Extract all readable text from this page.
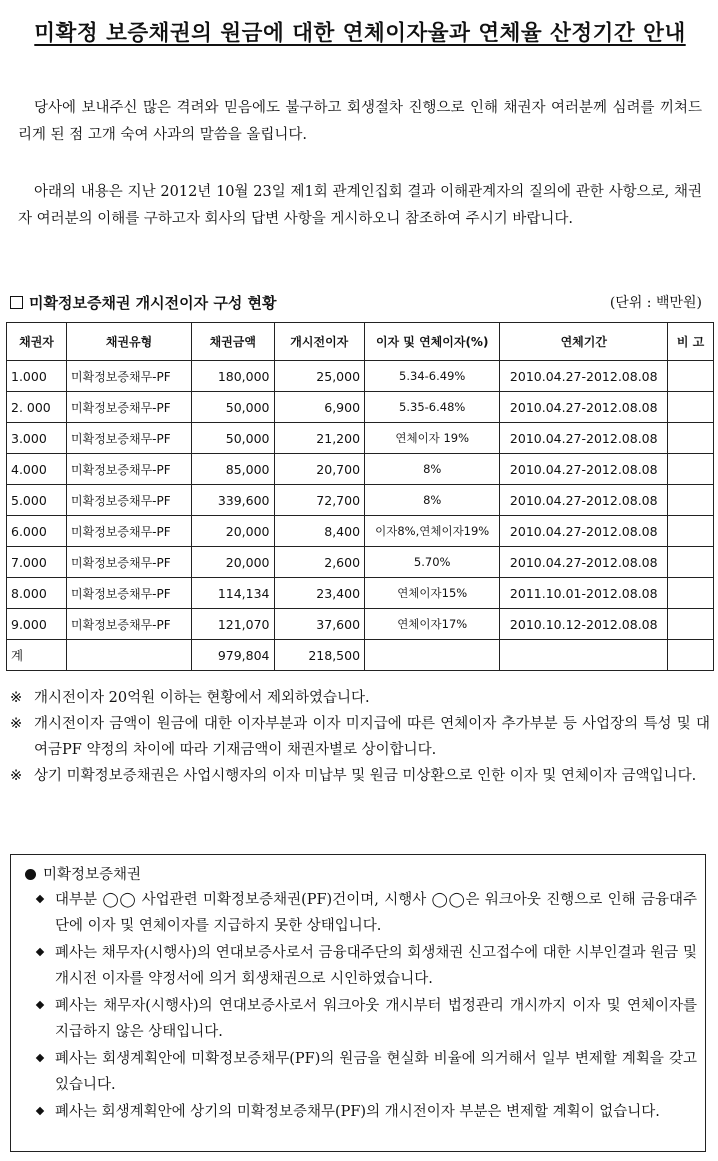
미확정 보증채권의 원금에 대한 연체이자율과 연체율 산정기간 안내

당사에 보내주신 많은 격려와 믿음에도 불구하고 회생절차 진행으로 인해 채권자 여러분께 심려를 끼쳐드리게 된 점 고개 숙여 사과의 말씀을 올립니다.

아래의 내용은 지난 2012년 10월 23일 제1회 관계인집회 결과 이해관계자의 질의에 관한 사항으로, 채권자 여러분의 이해를 구하고자 회사의 답변 사항을 게시하오니 참조하여 주시기 바랍니다.

미확정보증채권 개시전이자 구성 현황	(단위 : 백만원)
채권자	채권유형	채권금액	개시전이자	이자 및 연체이자(%)	연체기간	비 고
1.000	미확정보증채무-PF	180,000	25,000	5.34-6.49%	2010.04.27-2012.08.08	
2. 000	미확정보증채무-PF	50,000	6,900	5.35-6.48%	2010.04.27-2012.08.08	
3.000	미확정보증채무-PF	50,000	21,200	연체이자 19%	2010.04.27-2012.08.08	
4.000	미확정보증채무-PF	85,000	20,700	8%	2010.04.27-2012.08.08	
5.000	미확정보증채무-PF	339,600	72,700	8%	2010.04.27-2012.08.08	
6.000	미확정보증채무-PF	20,000	8,400	이자8%,연체이자19%	2010.04.27-2012.08.08	
7.000	미확정보증채무-PF	20,000	2,600	5.70%	2010.04.27-2012.08.08	
8.000	미확정보증채무-PF	114,134	23,400	연체이자15%	2011.10.01-2012.08.08	
9.000	미확정보증채무-PF	121,070	37,600	연체이자17%	2010.10.12-2012.08.08	
계		979,804	218,500			
※ 개시전이자 20억원 이하는 현황에서 제외하였습니다.
※ 개시전이자 금액이 원금에 대한 이자부분과 이자 미지급에 따른 연체이자 추가부분 등 사업장의 특성 및 대여금PF 약정의 차이에 따라 기재금액이 채권자별로 상이합니다.
※ 상기 미확정보증채권은 사업시행자의 이자 미납부 및 원금 미상환으로 인한 이자 및 연체이자 금액입니다.
미확정보증채권
대부분 ◯◯ 사업관련 미확정보증채권(PF)건이며, 시행사 ◯◯은 워크아웃 진행으로 인해 금융대주단에 이자 및 연체이자를 지급하지 못한 상태입니다.
폐사는 채무자(시행사)의 연대보증사로서 금융대주단의 회생채권 신고접수에 대한 시부인결과 원금 및 개시전 이자를 약정서에 의거 회생채권으로 시인하였습니다.
폐사는 채무자(시행사)의 연대보증사로서 워크아웃 개시부터 법정관리 개시까지 이자 및 연체이자를 지급하지 않은 상태입니다.
폐사는 회생계획안에 미확정보증채무(PF)의 원금을 현실화 비율에 의거해서 일부 변제할 계획을 갖고 있습니다.
폐사는 회생계획안에 상기의 미확정보증채무(PF)의 개시전이자 부분은 변제할 계획이 없습니다.
